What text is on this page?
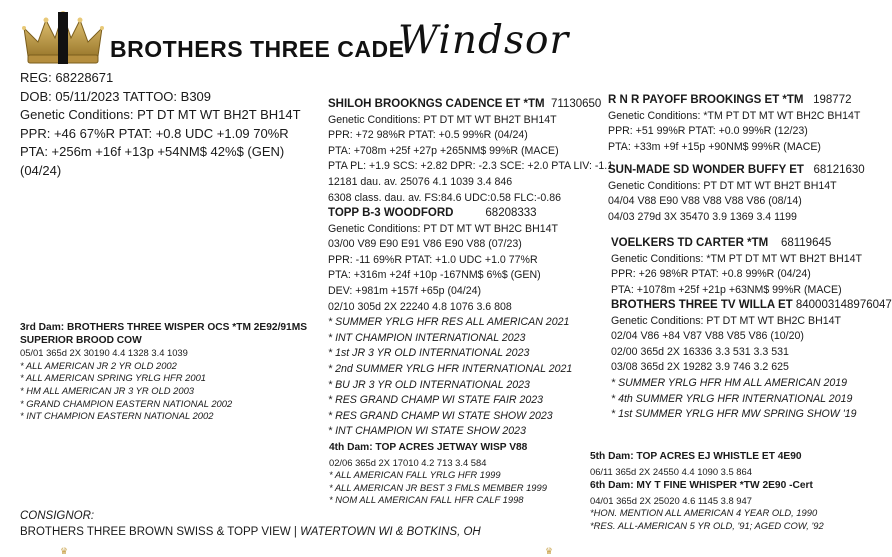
BROTHERS THREE CADE
Windsor
REG: 68228671
DOB: 05/11/2023 TATTOO: B309
Genetic Conditions: PT DT MT WT BH2T BH14T
PPR: +46 67%R PTAT: +0.8 UDC +1.09 70%R
PTA: +256m +16f +13p +54NM$ 42%$ (GEN)
(04/24)
SHILOH BROOKNGS CADENCE ET *TM 71130650
Genetic Conditions: PT DT MT WT BH2T BH14T
PPR: +72 98%R PTAT: +0.5 99%R (04/24)
PTA: +708m +25f +27p +265NM$ 99%R (MACE)
PTA PL: +1.9 SCS: +2.82 DPR: -2.3 SCE: +2.0 PTA LIV: -1.1
12181 dau. av. 25076 4.1 1039 3.4 846
6308 class. dau. av. FS:84.6 UDC:0.58 FLC:-0.86
TOPP B-3 WOODFORD	68208333
Genetic Conditions: PT DT MT WT BH2C BH14T
03/00 V89 E90 E91 V86 E90 V88 (07/23)
PPR: -11 69%R PTAT: +1.0 UDC +1.0 77%R
PTA: +316m +24f +10p -167NM$ 6%$ (GEN)
DEV: +981m +157f +65p (04/24)
02/10 305d 2X 22240 4.8 1076 3.6 808
* SUMMER YRLG HFR RES ALL AMERICAN 2021
* INT CHAMPION INTERNATIONAL 2023
* 1st JR 3 YR OLD INTERNATIONAL 2023
* 2nd SUMMER YRLG HFR INTERNATIONAL 2021
* BU JR 3 YR OLD INTERNATIONAL 2023
* RES GRAND CHAMP WI STATE FAIR 2023
* RES GRAND CHAMP WI STATE SHOW 2023
* INT CHAMPION WI STATE SHOW 2023
R N R PAYOFF BROOKINGS ET *TM 198772
Genetic Conditions: *TM PT DT MT WT BH2C BH14T
PPR: +51 99%R PTAT: +0.0 99%R (12/23)
PTA: +33m +9f +15p +90NM$ 99%R (MACE)
SUN-MADE SD WONDER BUFFY ET 68121630
Genetic Conditions: PT DT MT WT BH2T BH14T
04/04 V88 E90 V88 V88 V88 V86 (08/14)
04/03 279d 3X 35470 3.9 1369 3.4 1199
VOELKERS TD CARTER *TM 68119645
Genetic Conditions: *TM PT DT MT WT BH2T BH14T
PPR: +26 98%R PTAT: +0.8 99%R (04/24)
PTA: +1078m +25f +21p +63NM$ 99%R (MACE)
BROTHERS THREE TV WILLA ET 840003148976047
Genetic Conditions: PT DT MT WT BH2C BH14T
02/04 V86 +84 V87 V88 V85 V86 (10/20)
02/00 365d 2X 16336 3.3 531 3.3 531
03/08 365d 2X 19282 3.9 746 3.2 625
* SUMMER YRLG HFR HM ALL AMERICAN 2019
* 4th SUMMER YRLG HFR INTERNATIONAL 2019
* 1st SUMMER YRLG HFR MW SPRING SHOW '19
3rd Dam: BROTHERS THREE WISPER OCS *TM 2E92/91MS
SUPERIOR BROOD COW
05/01 365d 2X 30190 4.4 1328 3.4 1039
* ALL AMERICAN JR 2 YR OLD 2002
* ALL AMERICAN SPRING YRLG HFR 2001
* HM ALL AMERICAN JR 3 YR OLD 2003
* GRAND CHAMPION EASTERN NATIONAL 2002
* INT CHAMPION EASTERN NATIONAL 2002
4th Dam: TOP ACRES JETWAY WISP V88
02/06 365d 2X 17010 4.2 713 3.4 584
* ALL AMERICAN FALL YRLG HFR 1999
* ALL AMERICAN JR BEST 3 FMLS MEMBER 1999
* NOM ALL AMERICAN FALL HFR CALF 1998
5th Dam: TOP ACRES EJ WHISTLE ET 4E90
06/11 365d 2X 24550 4.4 1090 3.5 864
6th Dam: MY T FINE WHISPER *TW 2E90 -Cert
04/01 365d 2X 25020 4.6 1145 3.8 947
*HON. MENTION ALL AMERICAN 4 YEAR OLD, 1990
*RES. ALL-AMERICAN 5 YR OLD, '91; AGED COW, '92
CONSIGNOR:
BROTHERS THREE BROWN SWISS & TOPP VIEW | WATERTOWN WI & BOTKINS, OH
♛	♛
